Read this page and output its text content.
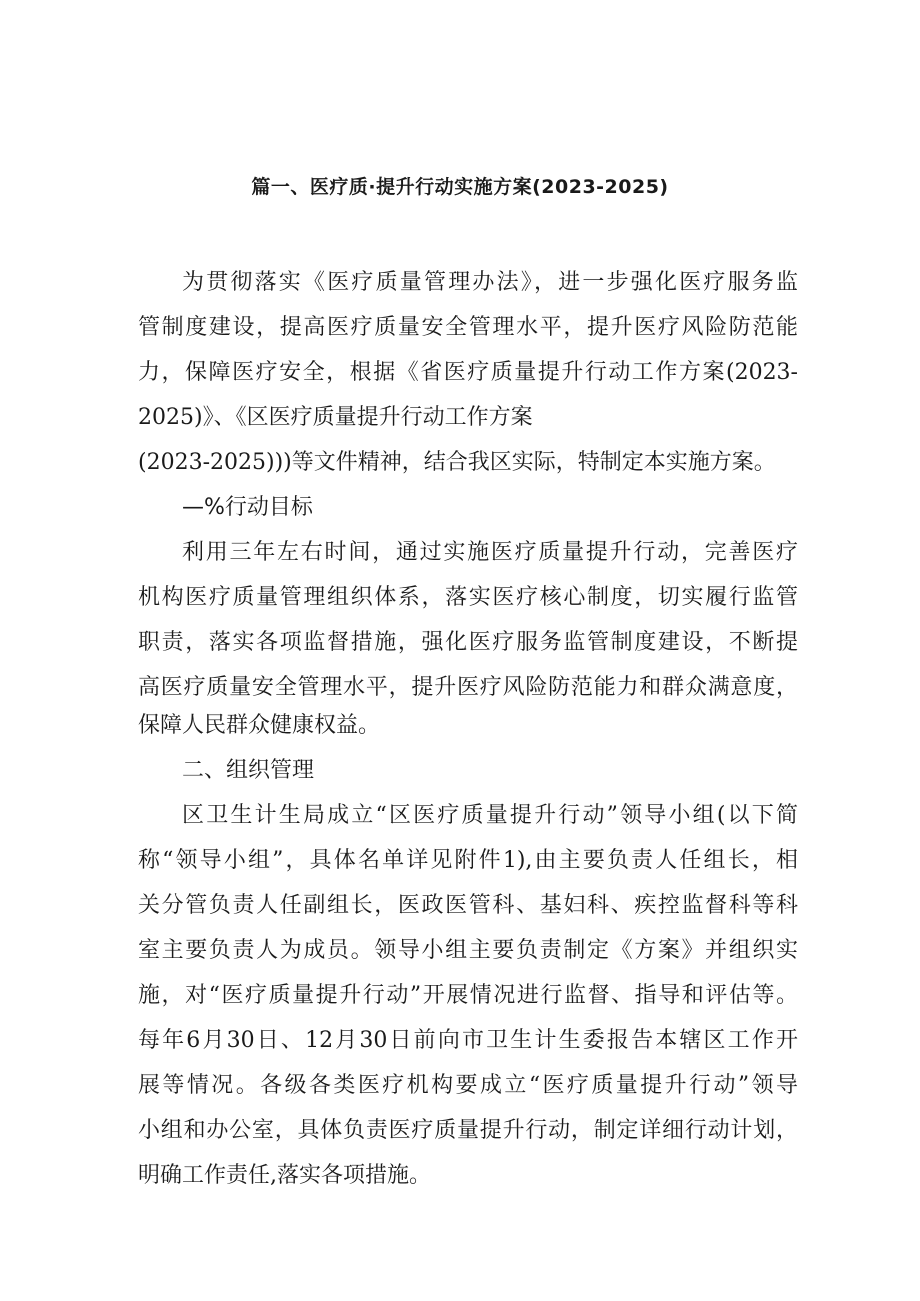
篇一、医疗质·提升行动实施方案(2023-2025)
为贯彻落实《医疗质量管理办法》，进一步强化医疗服务监
管制度建设，提高医疗质量安全管理水平，提升医疗风险防范能
力，保障医疗安全，根据《省医疗质量提升行动工作方案(2023-
2025)》、《区医疗质量提升行动工作方案
(2023-2025)))等文件精神，结合我区实际，特制定本实施方案。
—%行动目标
利用三年左右时间，通过实施医疗质量提升行动，完善医疗
机构医疗质量管理组织体系，落实医疗核心制度，切实履行监管
职责，落实各项监督措施，强化医疗服务监管制度建设，不断提
高医疗质量安全管理水平，提升医疗风险防范能力和群众满意度，
保障人民群众健康权益。
二、组织管理
区卫生计生局成立“区医疗质量提升行动”领导小组(以下简
称“领导小组”，具体名单详见附件1),由主要负责人任组长，相
关分管负责人任副组长，医政医管科、基妇科、疾控监督科等科
室主要负责人为成员。领导小组主要负责制定《方案》并组织实
施，对“医疗质量提升行动”开展情况进行监督、指导和评估等。
每年6月30日、12月30日前向市卫生计生委报告本辖区工作开
展等情况。各级各类医疗机构要成立“医疗质量提升行动”领导
小组和办公室，具体负责医疗质量提升行动，制定详细行动计划，
明确工作责任,落实各项措施。
